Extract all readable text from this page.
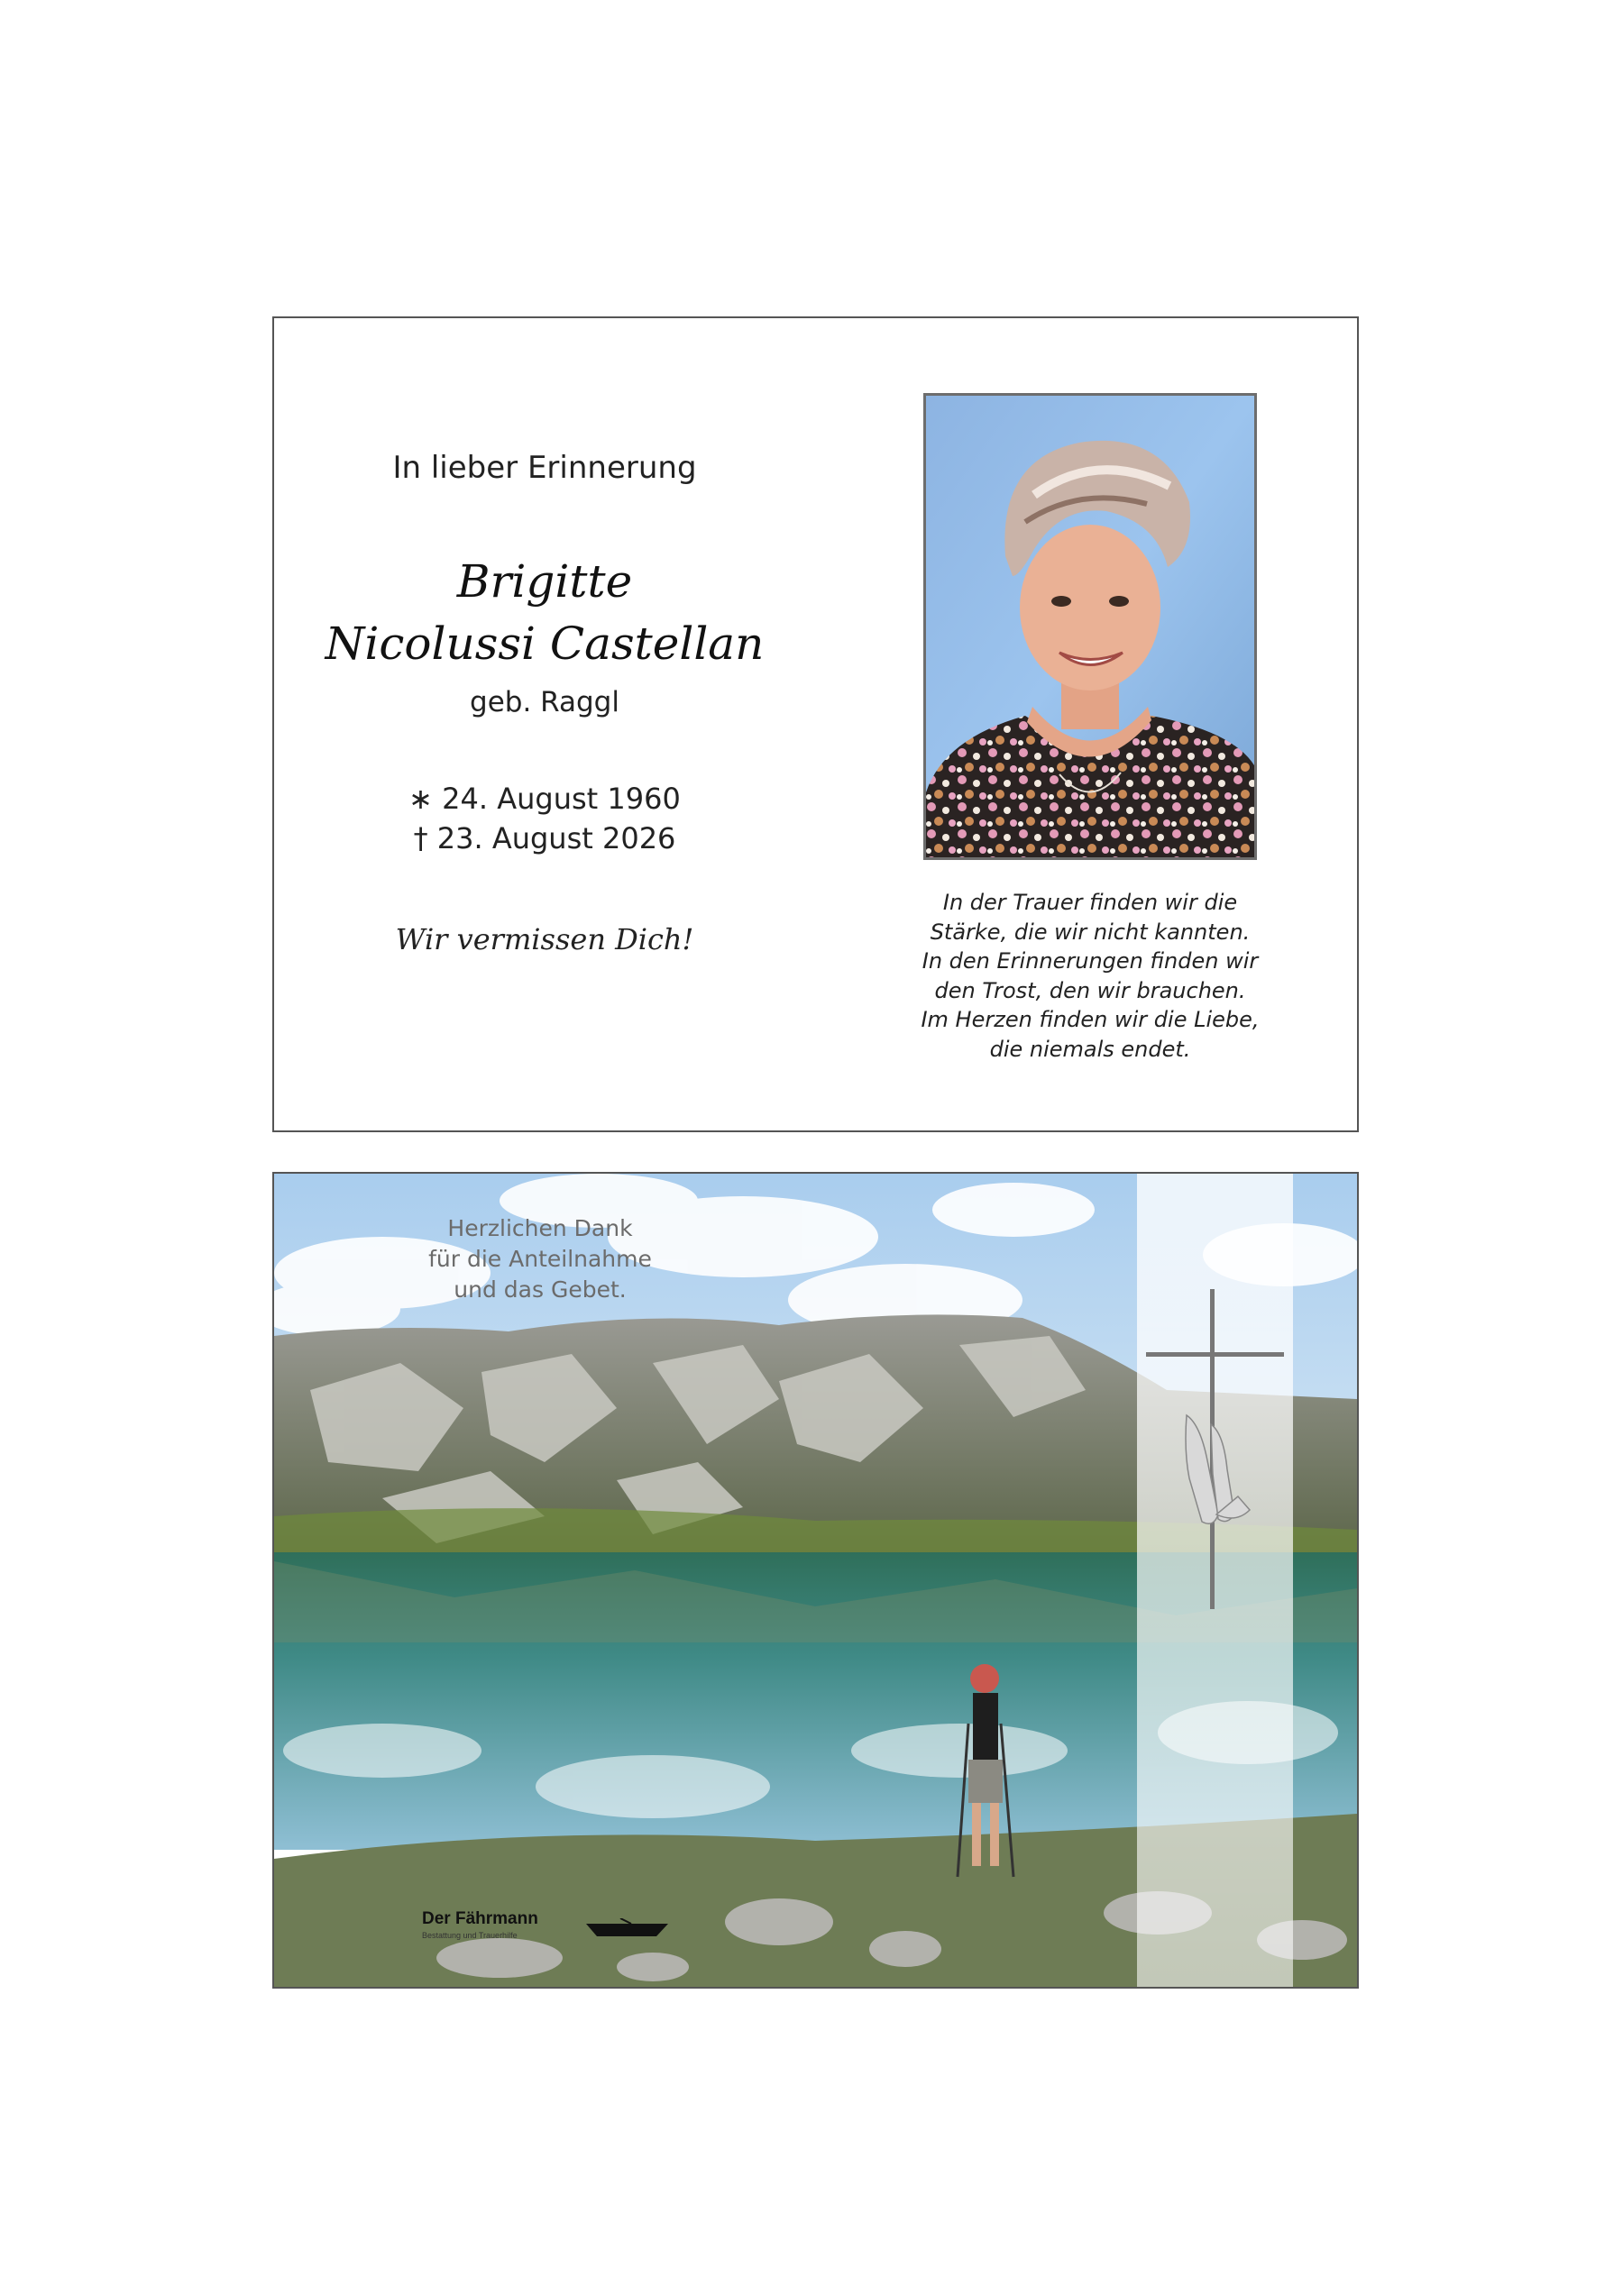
In lieber Erinnerung
Brigitte
Nicolussi Castellan
geb. Raggl
∗ 24. August 1960
† 23. August 2026
Wir vermissen Dich!
In der Trauer finden wir die
Stärke, die wir nicht kannten.
In den Erinnerungen finden wir
den Trost, den wir brauchen.
Im Herzen finden wir die Liebe,
die niemals endet.
Herzlichen Dank
für die Anteilnahme
und das Gebet.
Der Fährmann
Bestattung und Trauerhilfe
